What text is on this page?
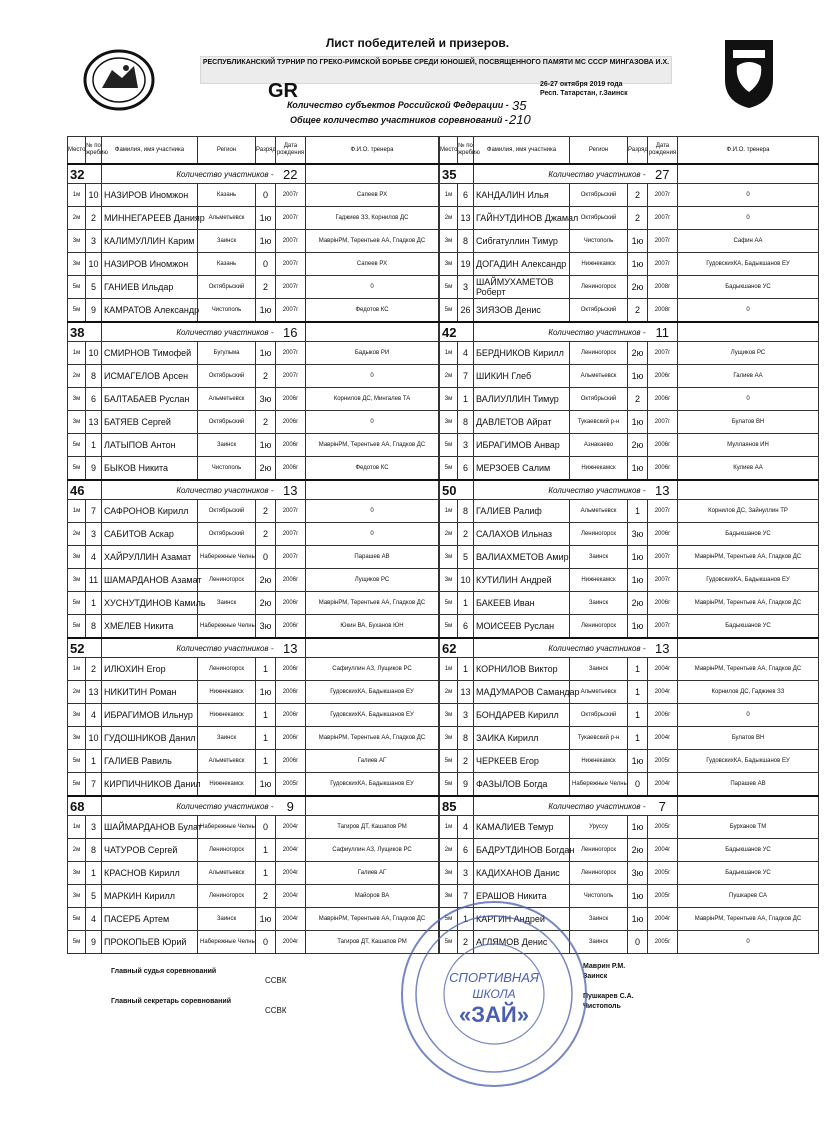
Лист победителей и призеров.
РЕСПУБЛИКАНСКИЙ ТУРНИР ПО ГРЕКО-РИМСКОЙ БОРЬБЕ СРЕДИ ЮНОШЕЙ, ПОСВЯЩЕННОГО ПАМЯТИ МС СССР МИНГАЗОВА И.Х.
GR	26-27 октября 2019 года
Респ. Татарстан, г.Заинск
Количество субъектов Российской Федерации - 35
Общее количество участников соревнований - 210
Место	№ по жребию	Фамилия, имя участника	Регион	Разряд	Дата рождения	Ф.И.О. тренера
32		Количество участников -			22	
1м	10	НАЗИРОВ Иномжон	Казань	0	2007г	Сапеев РХ
2м	2	МИННЕГАРЕЕВ Данияр	Альметьевск	1ю	2007г	Гаджиев ЗЗ, Корнилов ДС
3м	3	КАЛИМУЛЛИН Карим	Заинск	1ю	2007г	МаврінРМ, Терентьев АА, Гладков ДС
3м	10	НАЗИРОВ Иномжон	Казань	0	2007г	Сапеев РХ
5м	5	ГАНИЕВ Ильдар	Октябрьский	2	2007г	0
5м	9	КАМРАТОВ Александр	Чистополь	1ю	2007г	Федотов КС
38		Количество участников -			16	
1м	10	СМИРНОВ Тимофей	Бугульма	1ю	2007г	Бадыков РИ
2м	8	ИСМАГЕЛОВ Арсен	Октябрьский	2	2007г	0
3м	6	БАЛТАБАЕВ Руслан	Альметьевск	3ю	2006г	Корнилов ДС, Мингалев ТА
3м	13	БАТЯЕВ Сергей	Октябрьский	2	2006г	0
5м	1	ЛАТЫПОВ Антон	Заинск	1ю	2006г	МаврінРМ, Терентьев АА, Гладков ДС
5м	9	БЫКОВ Никита	Чистополь	2ю	2006г	Федотов КС
46		Количество участников -			13	
1м	7	САФРОНОВ Кирилл	Октябрьский	2	2007г	0
2м	3	САБИТОВ Аскар	Октябрьский	2	2007г	0
3м	4	ХАЙРУЛЛИН Азамат	Набережные Челны	0	2007г	Парашев АВ
3м	11	ШАМАРДАНОВ Азамат	Лениногорск	2ю	2006г	Лущиков РС
5м	1	ХУСНУТДИНОВ Камиль	Заинск	2ю	2006г	МаврінРМ, Терентьев АА, Гладков ДС
5м	8	ХМЕЛЕВ Никита	Набережные Челны	3ю	2006г	Юкин ВА, Буханов ЮН
52		Количество участников -			13	
1м	2	ИЛЮХИН Егор	Лениногорск	1	2006г	Сафиуллин АЗ, Лущиков РС
2м	13	НИКИТИН Роман	Нижнекамск	1ю	2006г	ГудовскихКА, Бадыкшанов ЕУ
3м	4	ИБРАГИМОВ Ильнур	Нижнекамск	1	2006г	ГудовскихКА, Бадыкшанов ЕУ
3м	10	ГУДОШНИКОВ Данил	Заинск	1	2006г	МаврінРМ, Терентьев АА, Гладков ДС
5м	1	ГАЛИЕВ Равиль	Альметьевск	1	2006г	Галиев АГ
5м	7	КИРПИЧНИКОВ Данил	Нижнекамск	1ю	2005г	ГудовскихКА, Бадыкшанов ЕУ
68		Количество участников -			9	
1м	3	ШАЙМАРДАНОВ Булат	Набережные Челны	0	2004г	Тагиров ДТ, Кашапов РМ
2м	8	ЧАТУРОВ Сергей	Лениногорск	1	2004г	Сафиуллин АЗ, Лущиков РС
3м	1	КРАСНОВ Кирилл	Альметьевск	1	2004г	Галиев АГ
3м	5	МАРКИН Кирилл	Лениногорск	2	2004г	Майоров ВА
5м	4	ПАСЕРБ Артем	Заинск	1ю	2004г	МаврінРМ, Терентьев АА, Гладков ДС
5м	9	ПРОКОПЬЕВ Юрий	Набережные Челны	0	2004г	Тагиров ДТ, Кашапов РМ
Место	№ по жребию	Фамилия, имя участника	Регион	Разряд	Дата рождения	Ф.И.О. тренера
35		Количество участников -			27	
1м	6	КАНДАЛИН Илья	Октябрьский	2	2007г	0
2м	13	ГАЙНУТДИНОВ Джамал	Октябрьский	2	2007г	0
3м	8	Сибгатуллин Тимур	Чистополь	1ю	2007г	Сафин АА
3м	19	ДОГАДИН Александр	Нижнекамск	1ю	2007г	ГудовскихКА, Бадыкшанов ЕУ
5м	3	ШАЙМУХАМЕТОВ Роберт	Лениногорск	2ю	2008г	Бадыкшанов УС
5м	26	ЗИЯЗОВ Денис	Октябрьский	2	2008г	0
42		Количество участников -			11	
1м	4	БЕРДНИКОВ Кирилл	Лениногорск	2ю	2007г	Лущиков РС
2м	7	ШИКИН Глеб	Альметьевск	1ю	2006г	Галиев АА
3м	1	ВАЛИУЛЛИН Тимур	Октябрьский	2	2006г	0
3м	8	ДАВЛЕТОВ Айрат	Тукаевский р-н	1ю	2007г	Булатов ВН
5м	3	ИБРАГИМОВ Анвар	Азнакаево	2ю	2006г	Муллаянов ИН
5м	6	МЕРЗОЕВ Салим	Нижнекамск	1ю	2006г	Кулиев АА
50		Количество участников -			13	
1м	8	ГАЛИЕВ Ралиф	Альметьевск	1	2007г	Корнилов ДС, Зайнуллин ТР
2м	2	САЛАХОВ Ильназ	Лениногорск	3ю	2006г	Бадыкшанов УС
3м	5	ВАЛИАХМЕТОВ Амир	Заинск	1ю	2007г	МаврінРМ, Терентьев АА, Гладков ДС
3м	10	КУТИЛИН Андрей	Нижнекамск	1ю	2007г	ГудовскихКА, Бадыкшанов ЕУ
5м	1	БАКЕЕВ Иван	Заинск	2ю	2006г	МаврінРМ, Терентьев АА, Гладков ДС
5м	6	МОИСЕЕВ Руслан	Лениногорск	1ю	2007г	Бадыкшанов УС
62		Количество участников -			13	
1м	1	КОРНИЛОВ Виктор	Заинск	1	2004г	МаврінРМ, Терентьев АА, Гладков ДС
2м	13	МАДУМАРОВ Самандар	Альметьевск	1	2004г	Корнилов ДС, Гаджиев ЗЗ
3м	3	БОНДАРЕВ Кирилл	Октябрьский	1	2006г	0
3м	8	ЗАИКА Кирилл	Тукаевский р-н	1	2004г	Булатов ВН
5м	2	ЧЕРКЕЕВ Егор	Нижнекамск	1ю	2005г	ГудовскихКА, Бадыкшанов ЕУ
5м	9	ФАЗЫЛОВ Богда	Набережные Челны	0	2004г	Парашев АВ
85		Количество участников -			7	
1м	4	КАМАЛИЕВ Темур	Уруссу	1ю	2005г	Бурханов ТМ
2м	6	БАДРУТДИНОВ Богдан	Лениногорск	2ю	2004г	Бадыкшанов УС
3м	3	КАДИХАНОВ Данис	Лениногорск	3ю	2005г	Бадыкшанов УС
3м	7	ЕРАШОВ Никита	Чистополь	1ю	2005г	Пушкарев СА
5м	1	КАРГИН Андрей	Заинск	1ю	2004г	МаврінРМ, Терентьев АА, Гладков ДС
5м	2	АГЛЯМОВ Денис	Заинск	0	2005г	0
Главный судья соревнований
ССВК
Маврин Р.М.
Заинск
Главный секретарь соревнований
ССВК
Пушкарев С.А.
Чистополь
СПОРТИВНАЯ
ШКОЛА
«ЗАЙ»
